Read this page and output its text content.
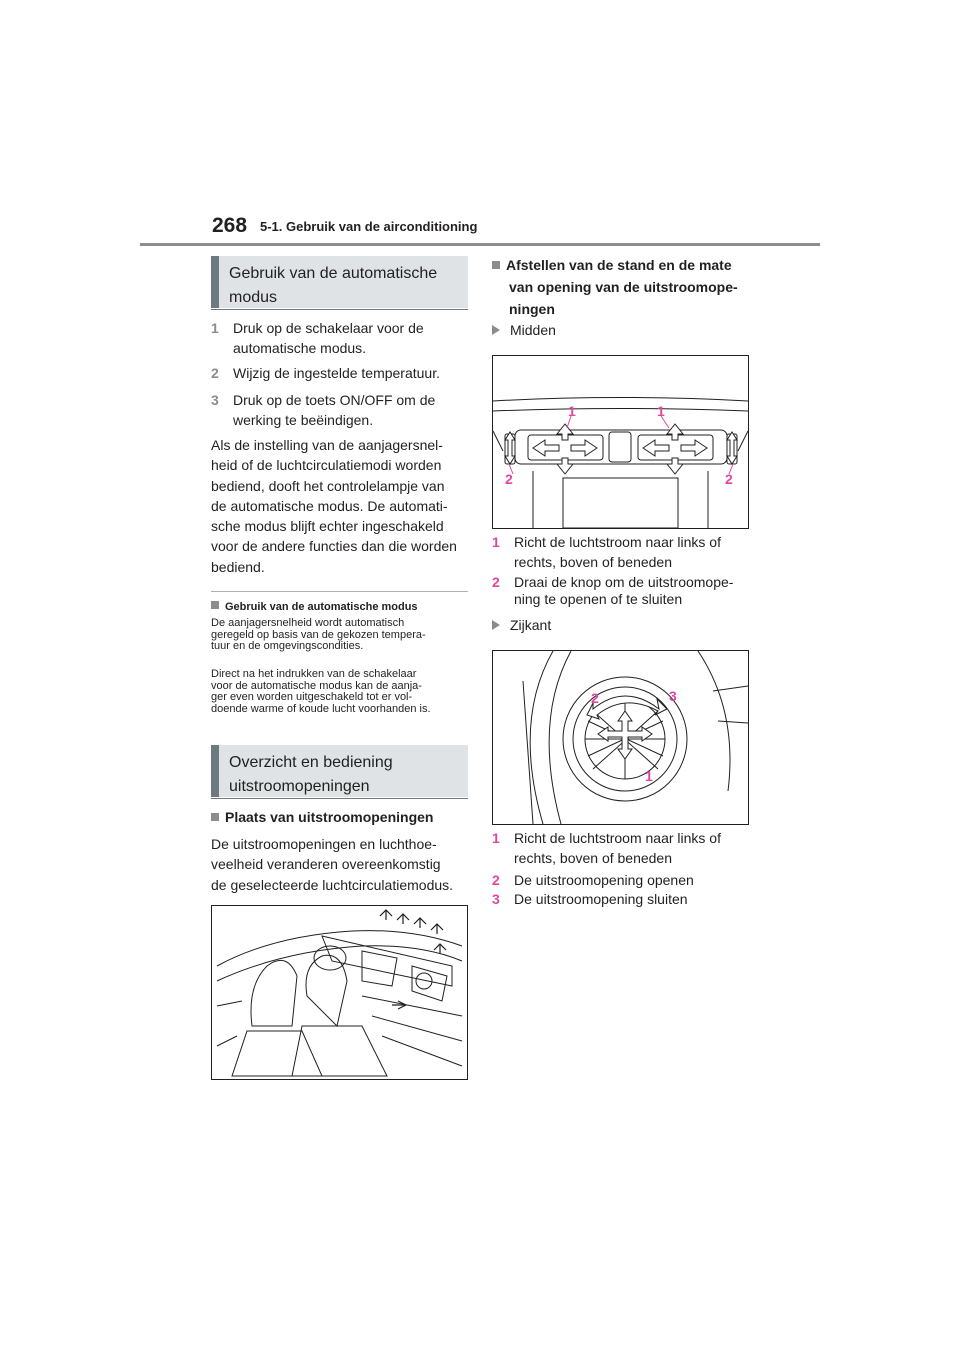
268 5-1. Gebruik van de airconditioning
Gebruik van de automatische
modus
1 Druk op de schakelaar voor de
automatische modus.
2 Wijzig de ingestelde temperatuur.
3 Druk op de toets ON/OFF om de
werking te beëindigen.
Als de instelling van de aanjagersnel-
heid of de luchtcirculatiemodi worden
bediend, dooft het controlelampje van
de automatische modus. De automati-
sche modus blijft echter ingeschakeld
voor de andere functies dan die worden
bediend.
Gebruik van de automatische modus
De aanjagersnelheid wordt automatisch
geregeld op basis van de gekozen tempera-
tuur en de omgevingscondities.
Direct na het indrukken van de schakelaar
voor de automatische modus kan de aanja-
ger even worden uitgeschakeld tot er vol-
doende warme of koude lucht voorhanden is.
Overzicht en bediening
uitstroomopeningen
Plaats van uitstroomopeningen
De uitstroomopeningen en luchthoe-
veelheid veranderen overeenkomstig
de geselecteerde luchtcirculatiemodus.
Afstellen van de stand en de mate
van opening van de uitstroomope-
ningen
Midden
1	1
2	2
1 Richt de luchtstroom naar links of
rechts, boven of beneden
2 Draai de knop om de uitstroomope-
ning te openen of te sluiten
Zijkant
2	3
1
1 Richt de luchtstroom naar links of
rechts, boven of beneden
2 De uitstroomopening openen
3 De uitstroomopening sluiten
